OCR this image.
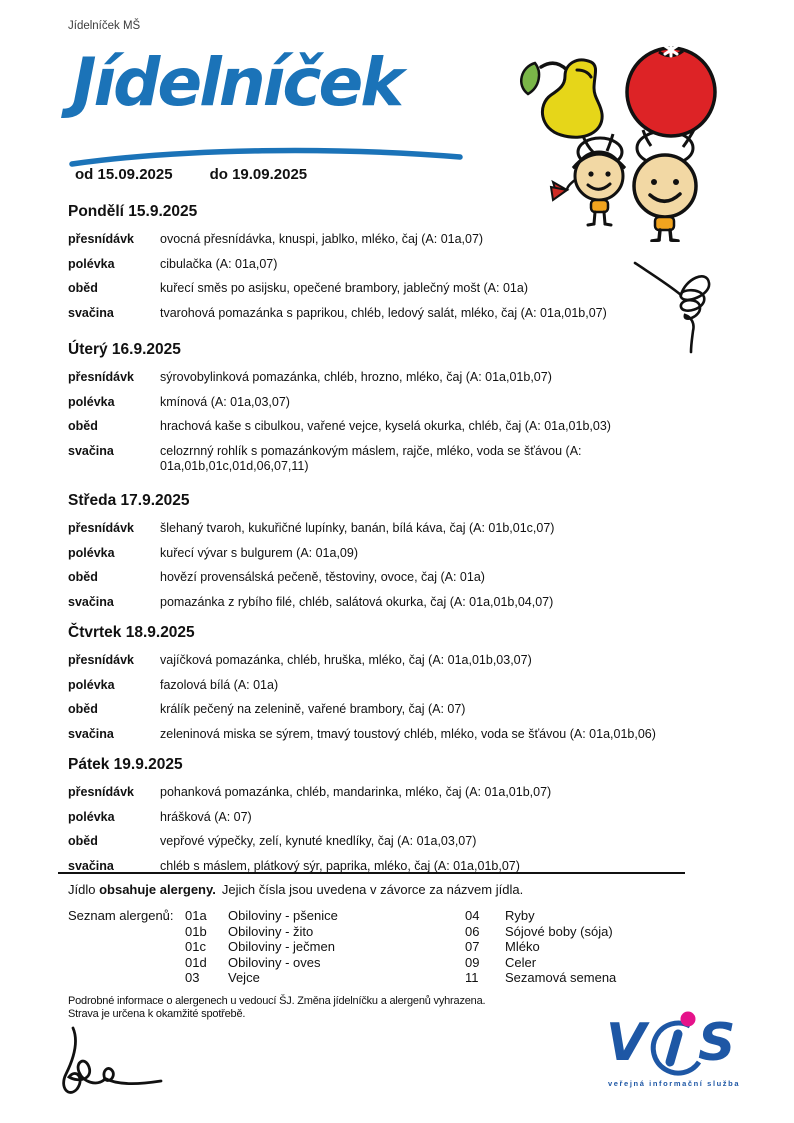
Jídelníček MŠ
Jídelníček
od 15.09.2025 do 19.09.2025
Pondělí 15.9.2025
přesnídávk	ovocná přesnídávka, knuspi, jablko, mléko, čaj (A: 01a,07)
polévka	cibulačka (A: 01a,07)
oběd	kuřecí směs po asijsku, opečené brambory, jablečný mošt (A: 01a)
svačina	tvarohová pomazánka s paprikou, chléb, ledový salát, mléko, čaj (A: 01a,01b,07)
Úterý 16.9.2025
přesnídávk	sýrovobylinková pomazánka, chléb, hrozno, mléko, čaj (A: 01a,01b,07)
polévka	kmínová (A: 01a,03,07)
oběd	hrachová kaše s cibulkou, vařené vejce, kyselá okurka, chléb, čaj (A: 01a,01b,03)
svačina	celozrnný rohlík s pomazánkovým máslem, rajče, mléko, voda se šťávou (A: 01a,01b,01c,01d,06,07,11)
Středa 17.9.2025
přesnídávk	šlehaný tvaroh, kukuřičné lupínky, banán, bílá káva, čaj (A: 01b,01c,07)
polévka	kuřecí vývar s bulgurem (A: 01a,09)
oběd	hovězí provensálská pečeně, těstoviny, ovoce, čaj (A: 01a)
svačina	pomazánka z rybího filé, chléb, salátová okurka, čaj (A: 01a,01b,04,07)
Čtvrtek 18.9.2025
přesnídávk	vajíčková pomazánka, chléb, hruška, mléko, čaj (A: 01a,01b,03,07)
polévka	fazolová bílá (A: 01a)
oběd	králík pečený na zelenině, vařené brambory, čaj (A: 07)
svačina	zeleninová miska se sýrem, tmavý toustový chléb, mléko, voda se šťávou (A: 01a,01b,06)
Pátek 19.9.2025
přesnídávk	pohanková pomazánka, chléb, mandarinka, mléko, čaj (A: 01a,01b,07)
polévka	hrášková (A: 07)
oběd	vepřové výpečky, zelí, kynuté knedlíky, čaj (A: 01a,03,07)
svačina	chléb s máslem, plátkový sýr, paprika, mléko, čaj (A: 01a,01b,07)
Jídlo obsahuje alergeny. Jejich čísla jsou uvedena v závorce za názvem jídla.
Seznam alergenů: 01a	Obiloviny - pšenice
01b	Obiloviny - žito
01c	Obiloviny - ječmen
01d	Obiloviny - oves
03	Vejce
04	Ryby
06	Sójové boby (sója)
07	Mléko
09	Celer
11	Sezamová semena
Podrobné informace o alergenech u vedoucí ŠJ. Změna jídelníčku a alergenů vyhrazena.
Strava je určena k okamžité spotřebě.	V S
veřejná informační služba
